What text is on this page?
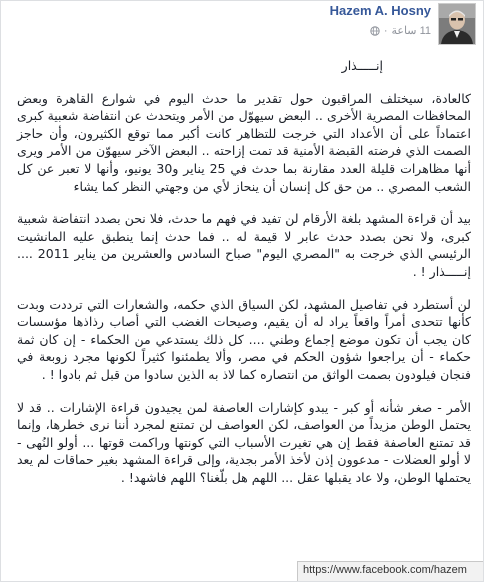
Hazem A. Hosny
· 11 ساعة

إنـــــذار

كالعادة، سيختلف المراقبون حول تقدير ما حدث اليوم في شوارع القاهرة وبعض المحافظات المصرية الأخرى .. البعض سيهوّل من الأمر ويتحدث عن انتفاضة شعبية كبرى اعتماداً على أن الأعداد التي خرجت للتظاهر كانت أكبر مما توقع الكثيرون، وأن حاجز الصمت الذي فرضته القبضة الأمنية قد تمت إزاحته .. البعض الآخر سيهوّن من الأمر ويرى أنها مظاهرات قليلة العدد مقارنة بما حدث في 25 يناير و30 يونيو، وأنها لا تعبر عن كل الشعب المصري .. من حق كل إنسان أن ينحاز لأي من وجهتي النظر كما يشاء

بيد أن قراءة المشهد بلغة الأرقام لن تفيد في فهم ما حدث، فلا نحن بصدد انتفاضة شعبية كبرى، ولا نحن بصدد حدث عابر لا قيمة له .. فما حدث إنما ينطبق عليه المانشيت الرئيسي الذي خرجت به "المصري اليوم" صباح السادس والعشرين من يناير 2011 .... إنـــــذار ! .

لن أستطرد في تفاصيل المشهد، لكن السياق الذي حكمه، والشعارات التي ترددت وبدت كأنها تتحدى أمراً واقعاً يراد له أن يقيم، وصيحات الغضب التي أصاب رذاذها مؤسسات كان يجب أن تكون موضع إجماع وطني .... كل ذلك يستدعي من الحكماء - إن كان ثمة حكماء - أن يراجعوا شؤون الحكم في مصر، وألا يطمئنوا كثيراً لكونها مجرد زوبعة في فنجان فيلودون بصمت الواثق من انتصاره كما لاذ به الذين سادوا من قبل ثم بادوا ! .

الأمر - صغر شأنه أو كبر - يبدو كإشارات العاصفة لمن يجيدون قراءة الإشارات .. قد لا يحتمل الوطن مزيداً من العواصف، لكن العواصف لن تمتنع لمجرد أننا نرى خطرها، وإنما قد تمتنع العاصفة فقط إن هي تغيرت الأسباب التي كونتها وراكمت قوتها ... أولو النُهى - لا أولو العضلات - مدعوون إذن لأخذ الأمر بجدية، وإلى قراءة المشهد بغير حماقات لم يعد يحتملها الوطن، ولا عاد يقبلها عقل ... اللهم هل بلّغنا؟ اللهم فاشهد! .

https://www.facebook.com/hazem
